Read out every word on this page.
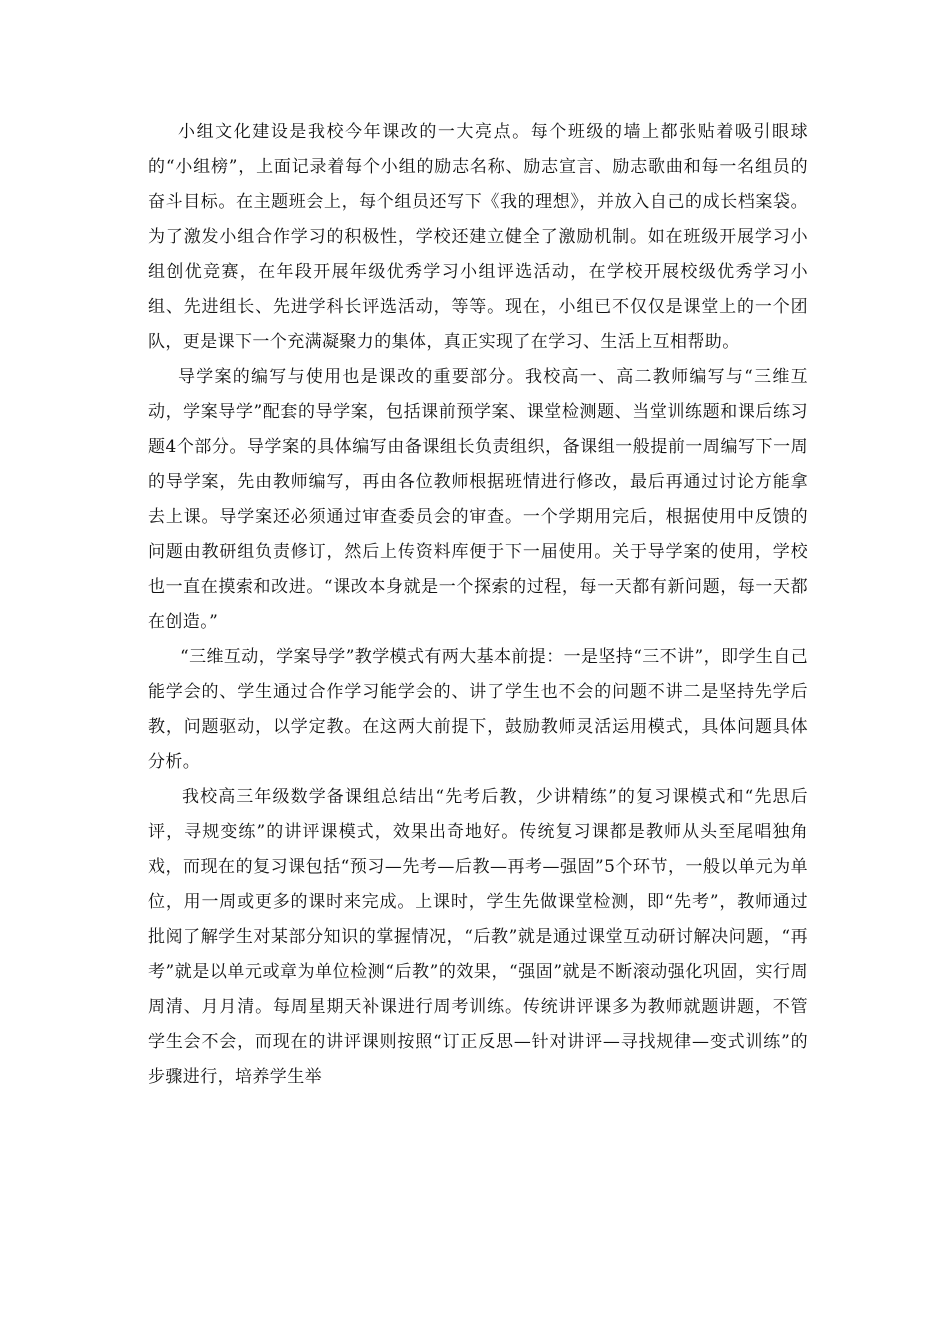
小组文化建设是我校今年课改的一大亮点。每个班级的墙上都张贴着吸引眼球的“小组榜”，上面记录着每个小组的励志名称、励志宣言、励志歌曲和每一名组员的奋斗目标。在主题班会上，每个组员还写下《我的理想》，并放入自己的成长档案袋。为了激发小组合作学习的积极性，学校还建立健全了激励机制。如在班级开展学习小组创优竞赛，在年段开展年级优秀学习小组评选活动，在学校开展校级优秀学习小组、先进组长、先进学科长评选活动，等等。现在，小组已不仅仅是课堂上的一个团队，更是课下一个充满凝聚力的集体，真正实现了在学习、生活上互相帮助。

导学案的编写与使用也是课改的重要部分。我校高一、高二教师编写与“三维互动，学案导学”配套的导学案，包括课前预学案、课堂检测题、当堂训练题和课后练习题4个部分。导学案的具体编写由备课组长负责组织，备课组一般提前一周编写下一周的导学案，先由教师编写，再由各位教师根据班情进行修改，最后再通过讨论方能拿去上课。导学案还必须通过审查委员会的审查。一个学期用完后，根据使用中反馈的问题由教研组负责修订，然后上传资料库便于下一届使用。关于导学案的使用，学校也一直在摸索和改进。“课改本身就是一个探索的过程，每一天都有新问题，每一天都在创造。”

“三维互动，学案导学”教学模式有两大基本前提：一是坚持“三不讲”，即学生自己能学会的、学生通过合作学习能学会的、讲了学生也不会的问题不讲二是坚持先学后教，问题驱动，以学定教。在这两大前提下，鼓励教师灵活运用模式，具体问题具体分析。

我校高三年级数学备课组总结出“先考后教，少讲精练”的复习课模式和“先思后评，寻规变练”的讲评课模式，效果出奇地好。传统复习课都是教师从头至尾唱独角戏，而现在的复习课包括“预习—先考—后教—再考—强固”5个环节，一般以单元为单位，用一周或更多的课时来完成。上课时，学生先做课堂检测，即“先考”，教师通过批阅了解学生对某部分知识的掌握情况，“后教”就是通过课堂互动研讨解决问题，“再考”就是以单元或章为单位检测“后教”的效果，“强固”就是不断滚动强化巩固，实行周周清、月月清。每周星期天补课进行周考训练。传统讲评课多为教师就题讲题，不管学生会不会，而现在的讲评课则按照“订正反思—针对讲评—寻找规律—变式训练”的步骤进行，培养学生举
